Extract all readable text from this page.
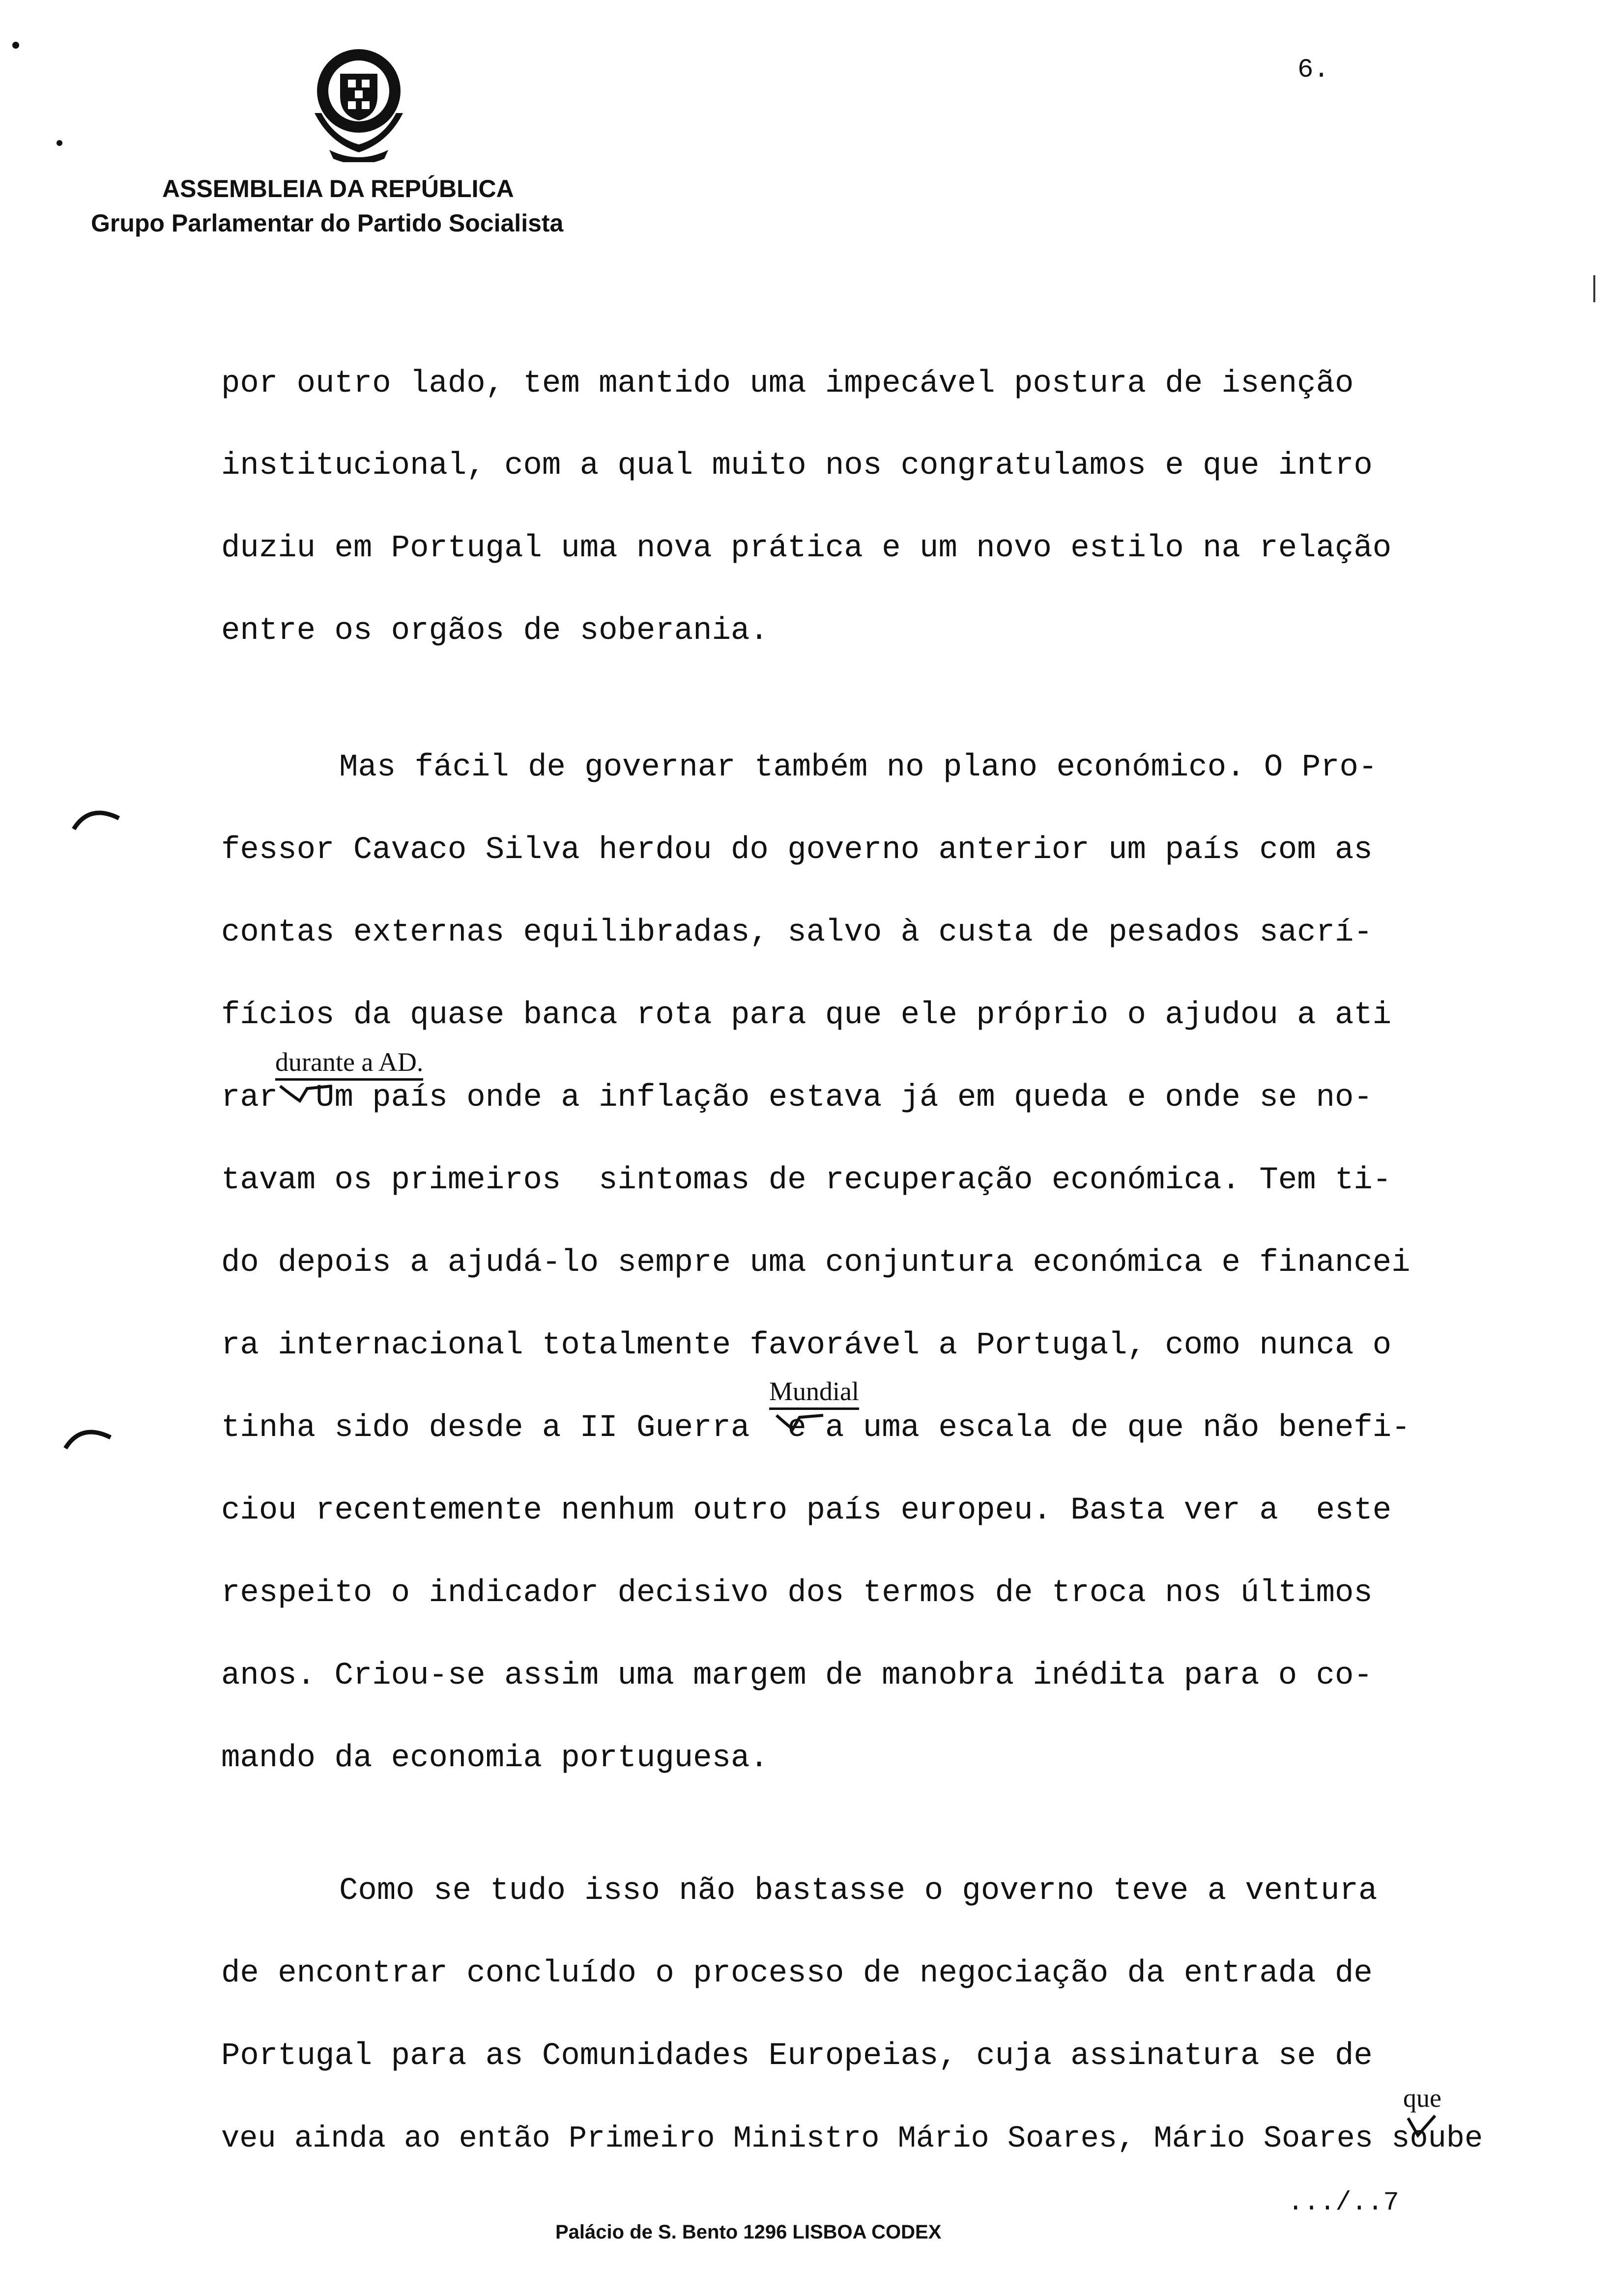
ASSEMBLEIA DA REPÚBLICA
Grupo Parlamentar do Partido Socialista
6.
por outro lado, tem mantido uma impecável postura de isenção
institucional, com a qual muito nos congratulamos e que intro
duziu em Portugal uma nova prática e um novo estilo na relação
entre os orgãos de soberania.
Mas fácil de governar também no plano económico. O Pro-
fessor Cavaco Silva herdou do governo anterior um país com as
contas externas equilibradas, salvo à custa de pesados sacrí-
fícios da quase banca rota para que ele próprio o ajudou a ati
durante a AD.
rar  Um país onde a inflação estava já em queda e onde se no-
tavam os primeiros  sintomas de recuperação económica. Tem ti-
do depois a ajudá-lo sempre uma conjuntura económica e financei
ra internacional totalmente favorável a Portugal, como nunca o
Mundial
tinha sido desde a II Guerra  e a uma escala de que não benefi-
ciou recentemente nenhum outro país europeu. Basta ver a  este
respeito o indicador decisivo dos termos de troca nos últimos
anos. Criou-se assim uma margem de manobra inédita para o co-
mando da economia portuguesa.
Como se tudo isso não bastasse o governo teve a ventura
de encontrar concluído o processo de negociação da entrada de
Portugal para as Comunidades Europeias, cuja assinatura se de
que
veu ainda ao então Primeiro Ministro Mário Soares, Mário Soares soube
.../..7
Palácio de S. Bento 1296 LISBOA CODEX
